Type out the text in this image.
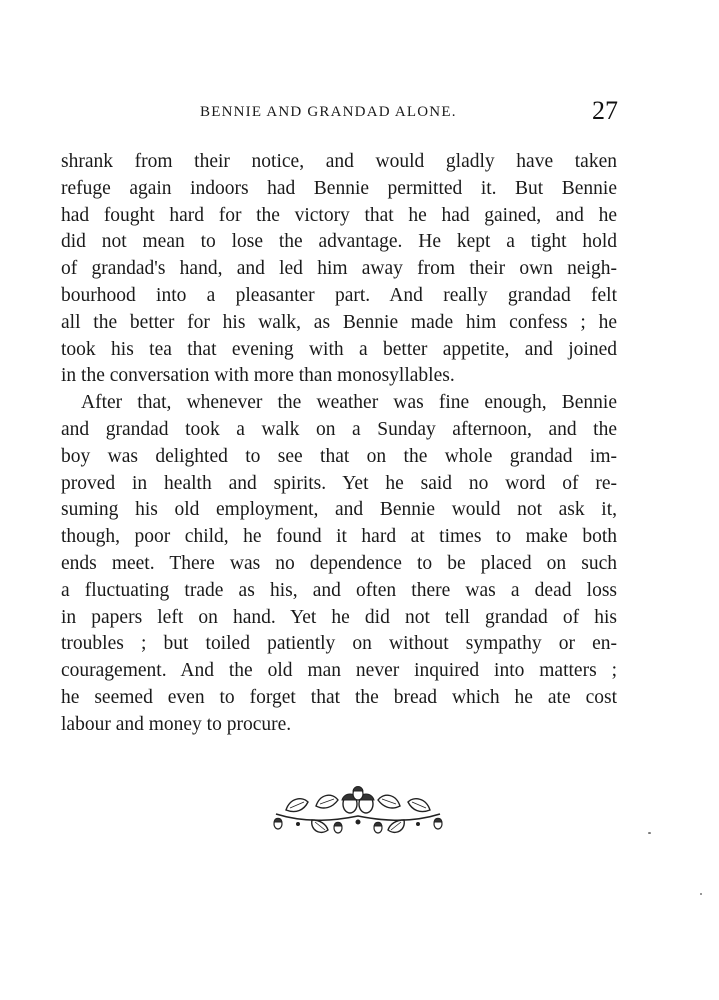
BENNIE AND GRANDAD ALONE.	27
shrank from their notice, and would gladly have taken
refuge again indoors had Bennie permitted it. But Bennie
had fought hard for the victory that he had gained, and he
did not mean to lose the advantage. He kept a tight hold
of grandad's hand, and led him away from their own neigh-
bourhood into a pleasanter part. And really grandad felt
all the better for his walk, as Bennie made him confess ; he
took his tea that evening with a better appetite, and joined
in the conversation with more than monosyllables.
After that, whenever the weather was fine enough, Bennie
and grandad took a walk on a Sunday afternoon, and the
boy was delighted to see that on the whole grandad im-
proved in health and spirits. Yet he said no word of re-
suming his old employment, and Bennie would not ask it,
though, poor child, he found it hard at times to make both
ends meet. There was no dependence to be placed on such
a fluctuating trade as his, and often there was a dead loss
in papers left on hand. Yet he did not tell grandad of his
troubles ; but toiled patiently on without sympathy or en-
couragement. And the old man never inquired into matters ;
he seemed even to forget that the bread which he ate cost
labour and money to procure.
